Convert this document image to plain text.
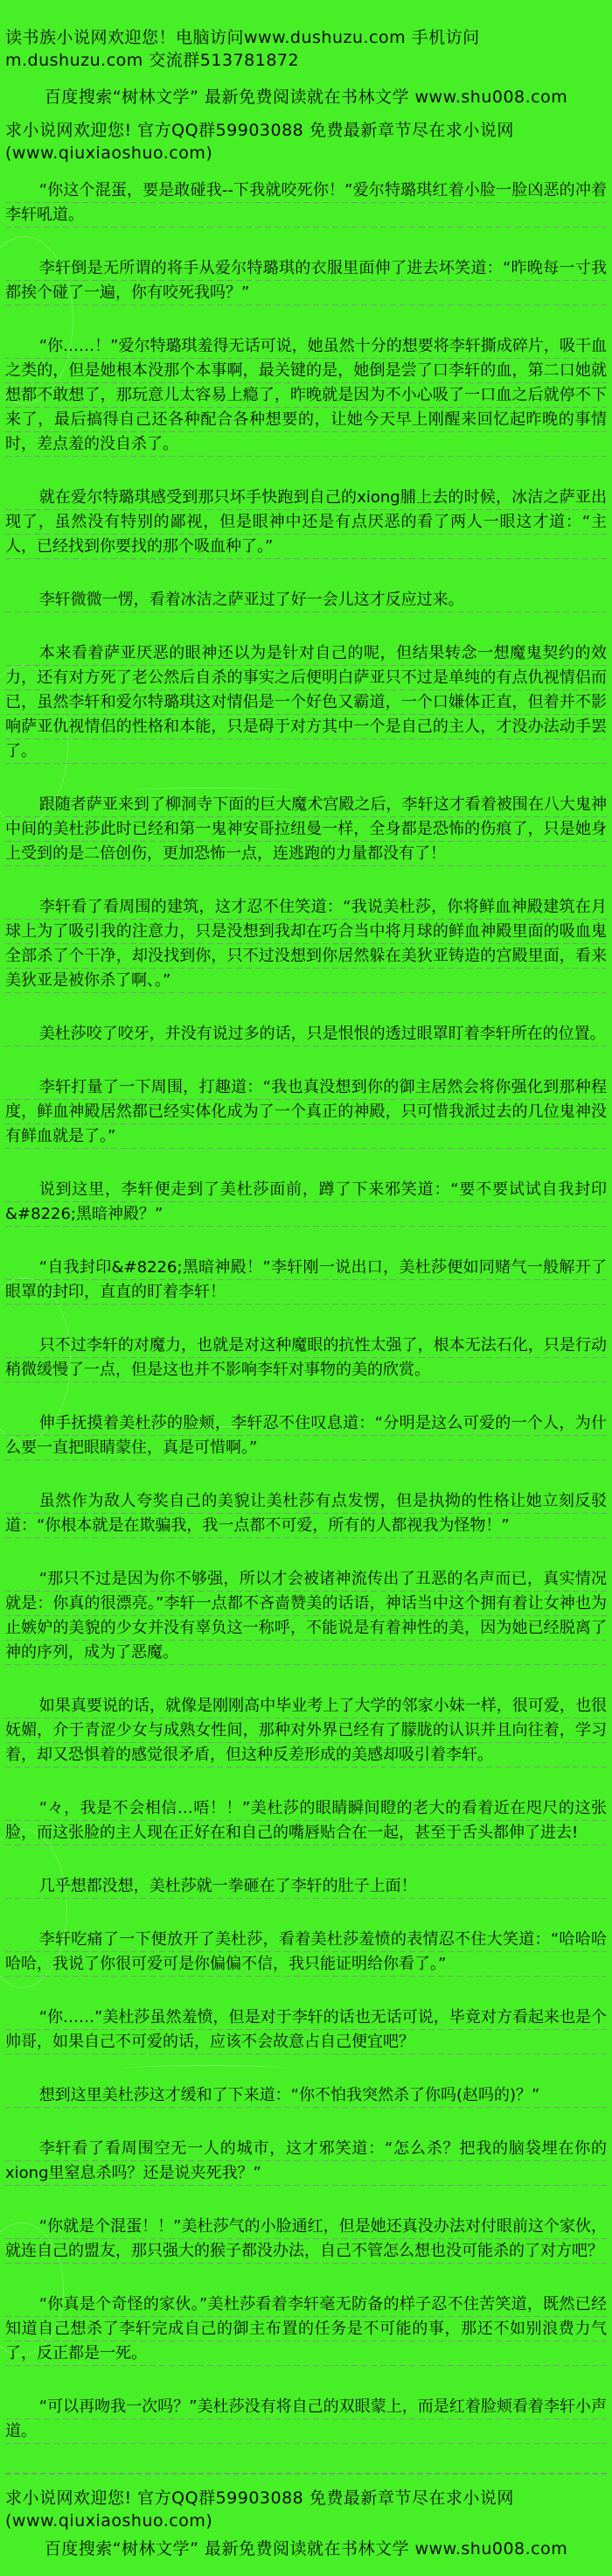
读书族小说网欢迎您！电脑访问www.dushuzu.com 手机访问m.dushuzu.com 交流群513781872
百度搜索“树林文学” 最新免费阅读就在书林文学 www.shu008.com
求小说网欢迎您! 官方QQ群59903088 免费最新章节尽在求小说网(www.qiuxiaoshuo.com)

“你这个混蛋，要是敢碰我--下我就咬死你！”爱尔特璐琪红着小脸一脸凶恶的冲着李轩吼道。

李轩倒是无所谓的将手从爱尔特璐琪的衣服里面伸了进去坏笑道：“昨晚每一寸我都挨个碰了一遍，你有咬死我吗？”

“你……！”爱尔特璐琪羞得无话可说，她虽然十分的想要将李轩撕成碎片，吸干血之类的，但是她根本没那个本事啊，最关键的是，她倒是尝了口李轩的血，第二口她就想都不敢想了，那玩意儿太容易上瘾了，昨晚就是因为不小心吸了一口血之后就停不下来了，最后搞得自己还各种配合各种想要的，让她今天早上刚醒来回忆起昨晚的事情时，差点羞的没自杀了。

就在爱尔特璐琪感受到那只坏手快跑到自己的xiong脯上去的时候，冰洁之萨亚出现了，虽然没有特别的鄙视，但是眼神中还是有点厌恶的看了两人一眼这才道：“主人，已经找到你要找的那个吸血种了。”

李轩微微一愣，看着冰洁之萨亚过了好一会儿这才反应过来。

本来看着萨亚厌恶的眼神还以为是针对自己的呢，但结果转念一想魔鬼契约的效力，还有对方死了老公然后自杀的事实之后便明白萨亚只不过是单纯的有点仇视情侣而已，虽然李轩和爱尔特璐琪这对情侣是一个好色又霸道，一个口嫌体正直，但着并不影响萨亚仇视情侣的性格和本能，只是碍于对方其中一个是自己的主人，才没办法动手罢了。

跟随者萨亚来到了柳洞寺下面的巨大魔术宫殿之后，李轩这才看着被围在八大鬼神中间的美杜莎此时已经和第一鬼神安哥拉纽曼一样，全身都是恐怖的伤痕了，只是她身上受到的是二倍创伤，更加恐怖一点，连逃跑的力量都没有了！

李轩看了看周围的建筑，这才忍不住笑道：“我说美杜莎，你将鲜血神殿建筑在月球上为了吸引我的注意力，只是没想到我却在巧合当中将月球的鲜血神殿里面的吸血鬼全部杀了个干净，却没找到你，只不过没想到你居然躲在美狄亚铸造的宫殿里面，看来美狄亚是被你杀了啊、。”

美杜莎咬了咬牙，并没有说过多的话，只是恨恨的透过眼罩盯着李轩所在的位置。

李轩打量了一下周围，打趣道：“我也真没想到你的御主居然会将你强化到那种程度，鲜血神殿居然都已经实体化成为了一个真正的神殿，只可惜我派过去的几位鬼神没有鲜血就是了。”

说到这里，李轩便走到了美杜莎面前，蹲了下来邪笑道：“要不要试试自我封印&#8226;黑暗神殿？”

“自我封印&#8226;黑暗神殿！”李轩刚一说出口，美杜莎便如同赌气一般解开了眼罩的封印，直直的盯着李轩！

只不过李轩的对魔力，也就是对这种魔眼的抗性太强了，根本无法石化，只是行动稍微缓慢了一点，但是这也并不影响李轩对事物的美的欣赏。

伸手抚摸着美杜莎的脸颊，李轩忍不住叹息道：“分明是这么可爱的一个人，为什么要一直把眼睛蒙住，真是可惜啊。”

虽然作为敌人夸奖自己的美貌让美杜莎有点发愣，但是执拗的性格让她立刻反驳道：“你根本就是在欺骗我，我一点都不可爱，所有的人都视我为怪物！”

“那只不过是因为你不够强，所以才会被诸神流传出了丑恶的名声而已，真实情况就是：你真的很漂亮。”李轩一点都不吝啬赞美的话语，神话当中这个拥有着让女神也为止嫉妒的美貌的少女并没有辜负这一称呼，不能说是有着神性的美，因为她已经脱离了神的序列，成为了恶魔。

如果真要说的话，就像是刚刚高中毕业考上了大学的邻家小妹一样，很可爱，也很妩媚，介于青涩少女与成熟女性间，那种对外界已经有了朦胧的认识并且向往着，学习着，却又恐惧着的感觉很矛盾，但这种反差形成的美感却吸引着李轩。

“々，我是不会相信…唔！！”美杜莎的眼睛瞬间瞪的老大的看着近在咫尺的这张脸，而这张脸的主人现在正好在和自己的嘴唇贴合在一起，甚至于舌头都伸了进去!

几乎想都没想，美杜莎就一拳砸在了李轩的肚子上面！

李轩吃痛了一下便放开了美杜莎，看着美杜莎羞愤的表情忍不住大笑道：“哈哈哈哈哈，我说了你很可爱可是你偏偏不信，我只能证明给你看了。”

“你……”美杜莎虽然羞愤，但是对于李轩的话也无话可说，毕竟对方看起来也是个帅哥，如果自己不可爱的话，应该不会故意占自己便宜吧？

想到这里美杜莎这才缓和了下来道：“你不怕我突然杀了你吗(赵吗的)？”

李轩看了看周围空无一人的城市，这才邪笑道：“怎么杀？把我的脑袋埋在你的xiong里窒息杀吗？还是说夹死我？”

“你就是个混蛋！！”美杜莎气的小脸通红，但是她还真没办法对付眼前这个家伙，就连自己的盟友，那只强大的猴子都没办法，自己不管怎么想也没可能杀的了对方吧？

“你真是个奇怪的家伙。”美杜莎看着李轩毫无防备的样子忍不住苦笑道，既然已经知道自己想杀了李轩完成自己的御主布置的任务是不可能的事，那还不如别浪费力气了，反正都是一死。

“可以再吻我一次吗？”美杜莎没有将自己的双眼蒙上，而是红着脸颊看着李轩小声道。

求小说网欢迎您! 官方QQ群59903088 免费最新章节尽在求小说网(www.qiuxiaoshuo.com)
百度搜索“树林文学” 最新免费阅读就在书林文学 www.shu008.com
